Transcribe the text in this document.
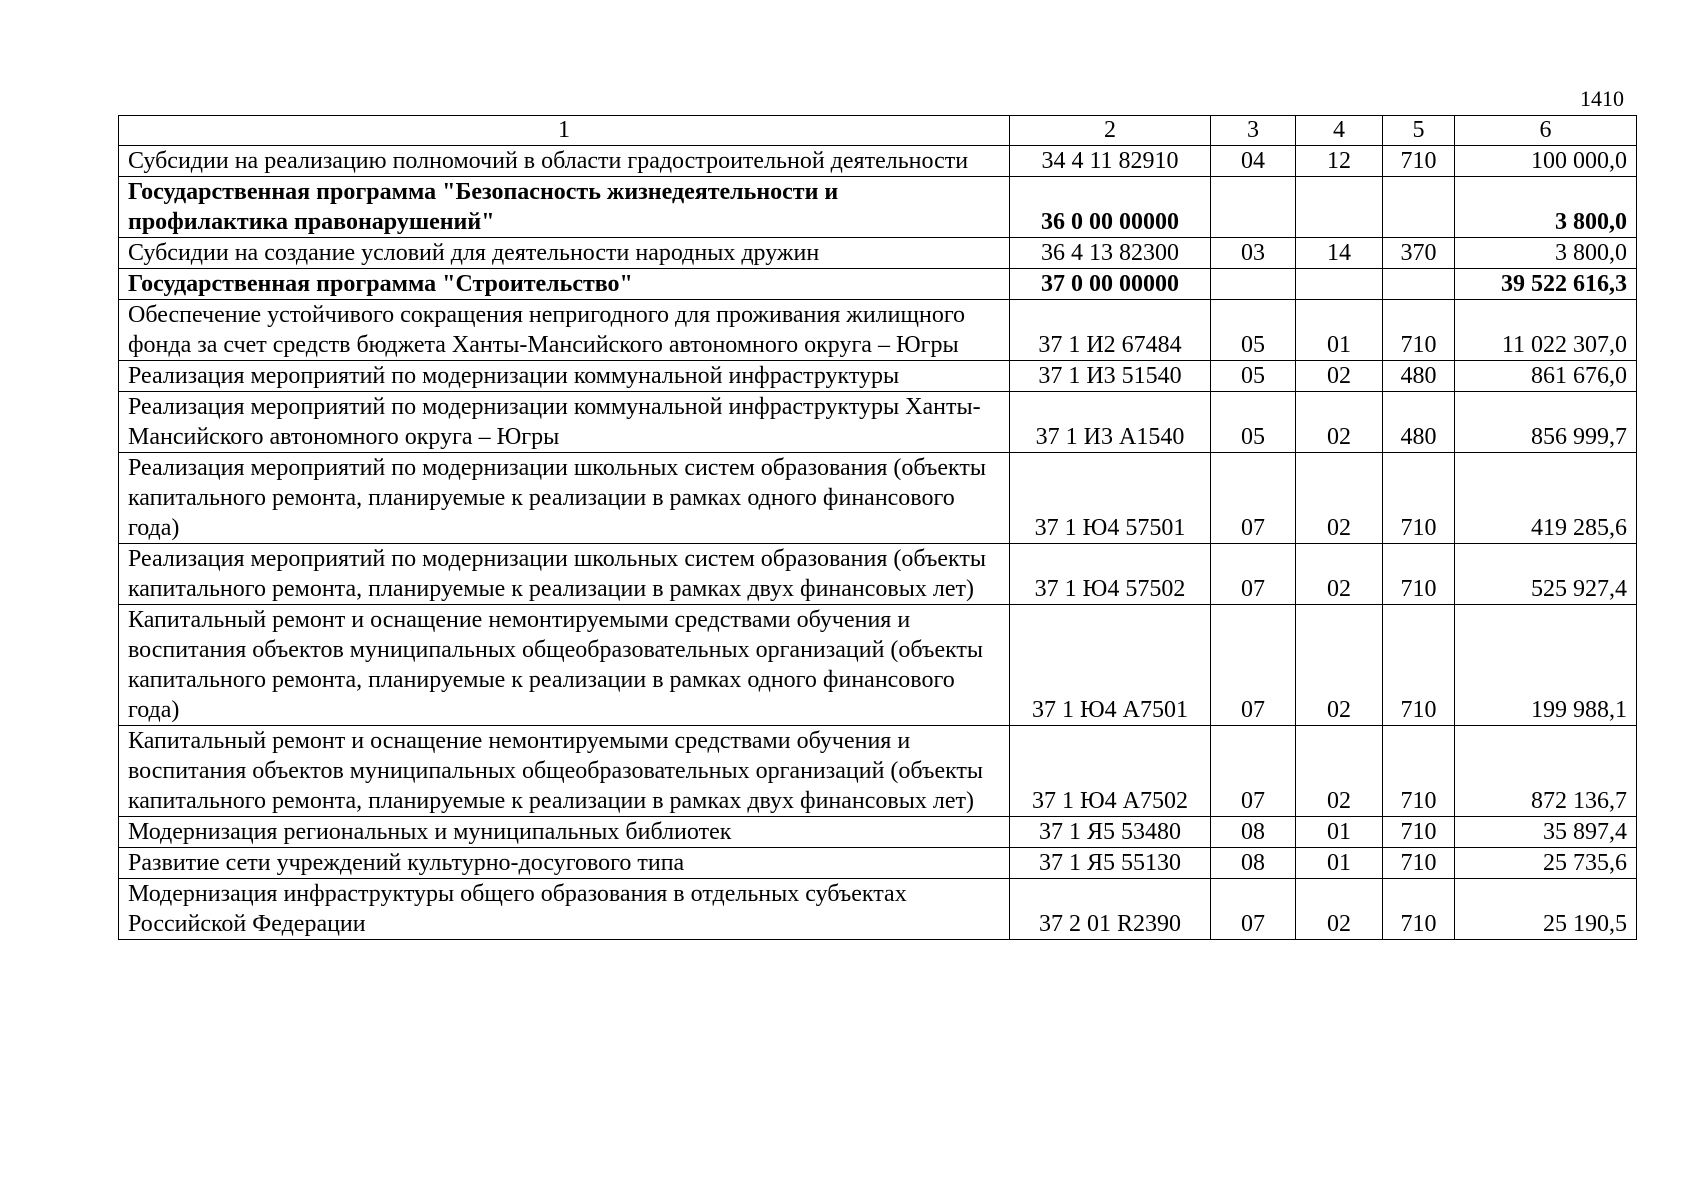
1410
1	2	3	4	5	6
Субсидии на реализацию полномочий в области градостроительной деятельности	34 4 11 82910	04	12	710	100 000,0
Государственная программа "Безопасность жизнедеятельности и профилактика правонарушений"	36 0 00 00000				3 800,0
Субсидии на создание условий для деятельности народных дружин	36 4 13 82300	03	14	370	3 800,0
Государственная программа "Строительство"	37 0 00 00000				39 522 616,3
Обеспечение устойчивого сокращения непригодного для проживания жилищного фонда за счет средств бюджета Ханты-Мансийского автономного округа – Югры	37 1 И2 67484	05	01	710	11 022 307,0
Реализация мероприятий по модернизации коммунальной инфраструктуры	37 1 И3 51540	05	02	480	861 676,0
Реализация мероприятий по модернизации коммунальной инфраструктуры Ханты-Мансийского автономного округа – Югры	37 1 И3 А1540	05	02	480	856 999,7
Реализация мероприятий по модернизации школьных систем образования (объекты капитального ремонта, планируемые к реализации в рамках одного финансового года)	37 1 Ю4 57501	07	02	710	419 285,6
Реализация мероприятий по модернизации школьных систем образования (объекты капитального ремонта, планируемые к реализации в рамках двух финансовых лет)	37 1 Ю4 57502	07	02	710	525 927,4
Капитальный ремонт и оснащение немонтируемыми средствами обучения и воспитания объектов муниципальных общеобразовательных организаций (объекты капитального ремонта, планируемые к реализации в рамках одного финансового года)	37 1 Ю4 А7501	07	02	710	199 988,1
Капитальный ремонт и оснащение немонтируемыми средствами обучения и воспитания объектов муниципальных общеобразовательных организаций (объекты капитального ремонта, планируемые к реализации в рамках двух финансовых лет)	37 1 Ю4 А7502	07	02	710	872 136,7
Модернизация региональных и муниципальных библиотек	37 1 Я5 53480	08	01	710	35 897,4
Развитие сети учреждений культурно-досугового типа	37 1 Я5 55130	08	01	710	25 735,6
Модернизация инфраструктуры общего образования в отдельных субъектах Российской Федерации	37 2 01 R2390	07	02	710	25 190,5
